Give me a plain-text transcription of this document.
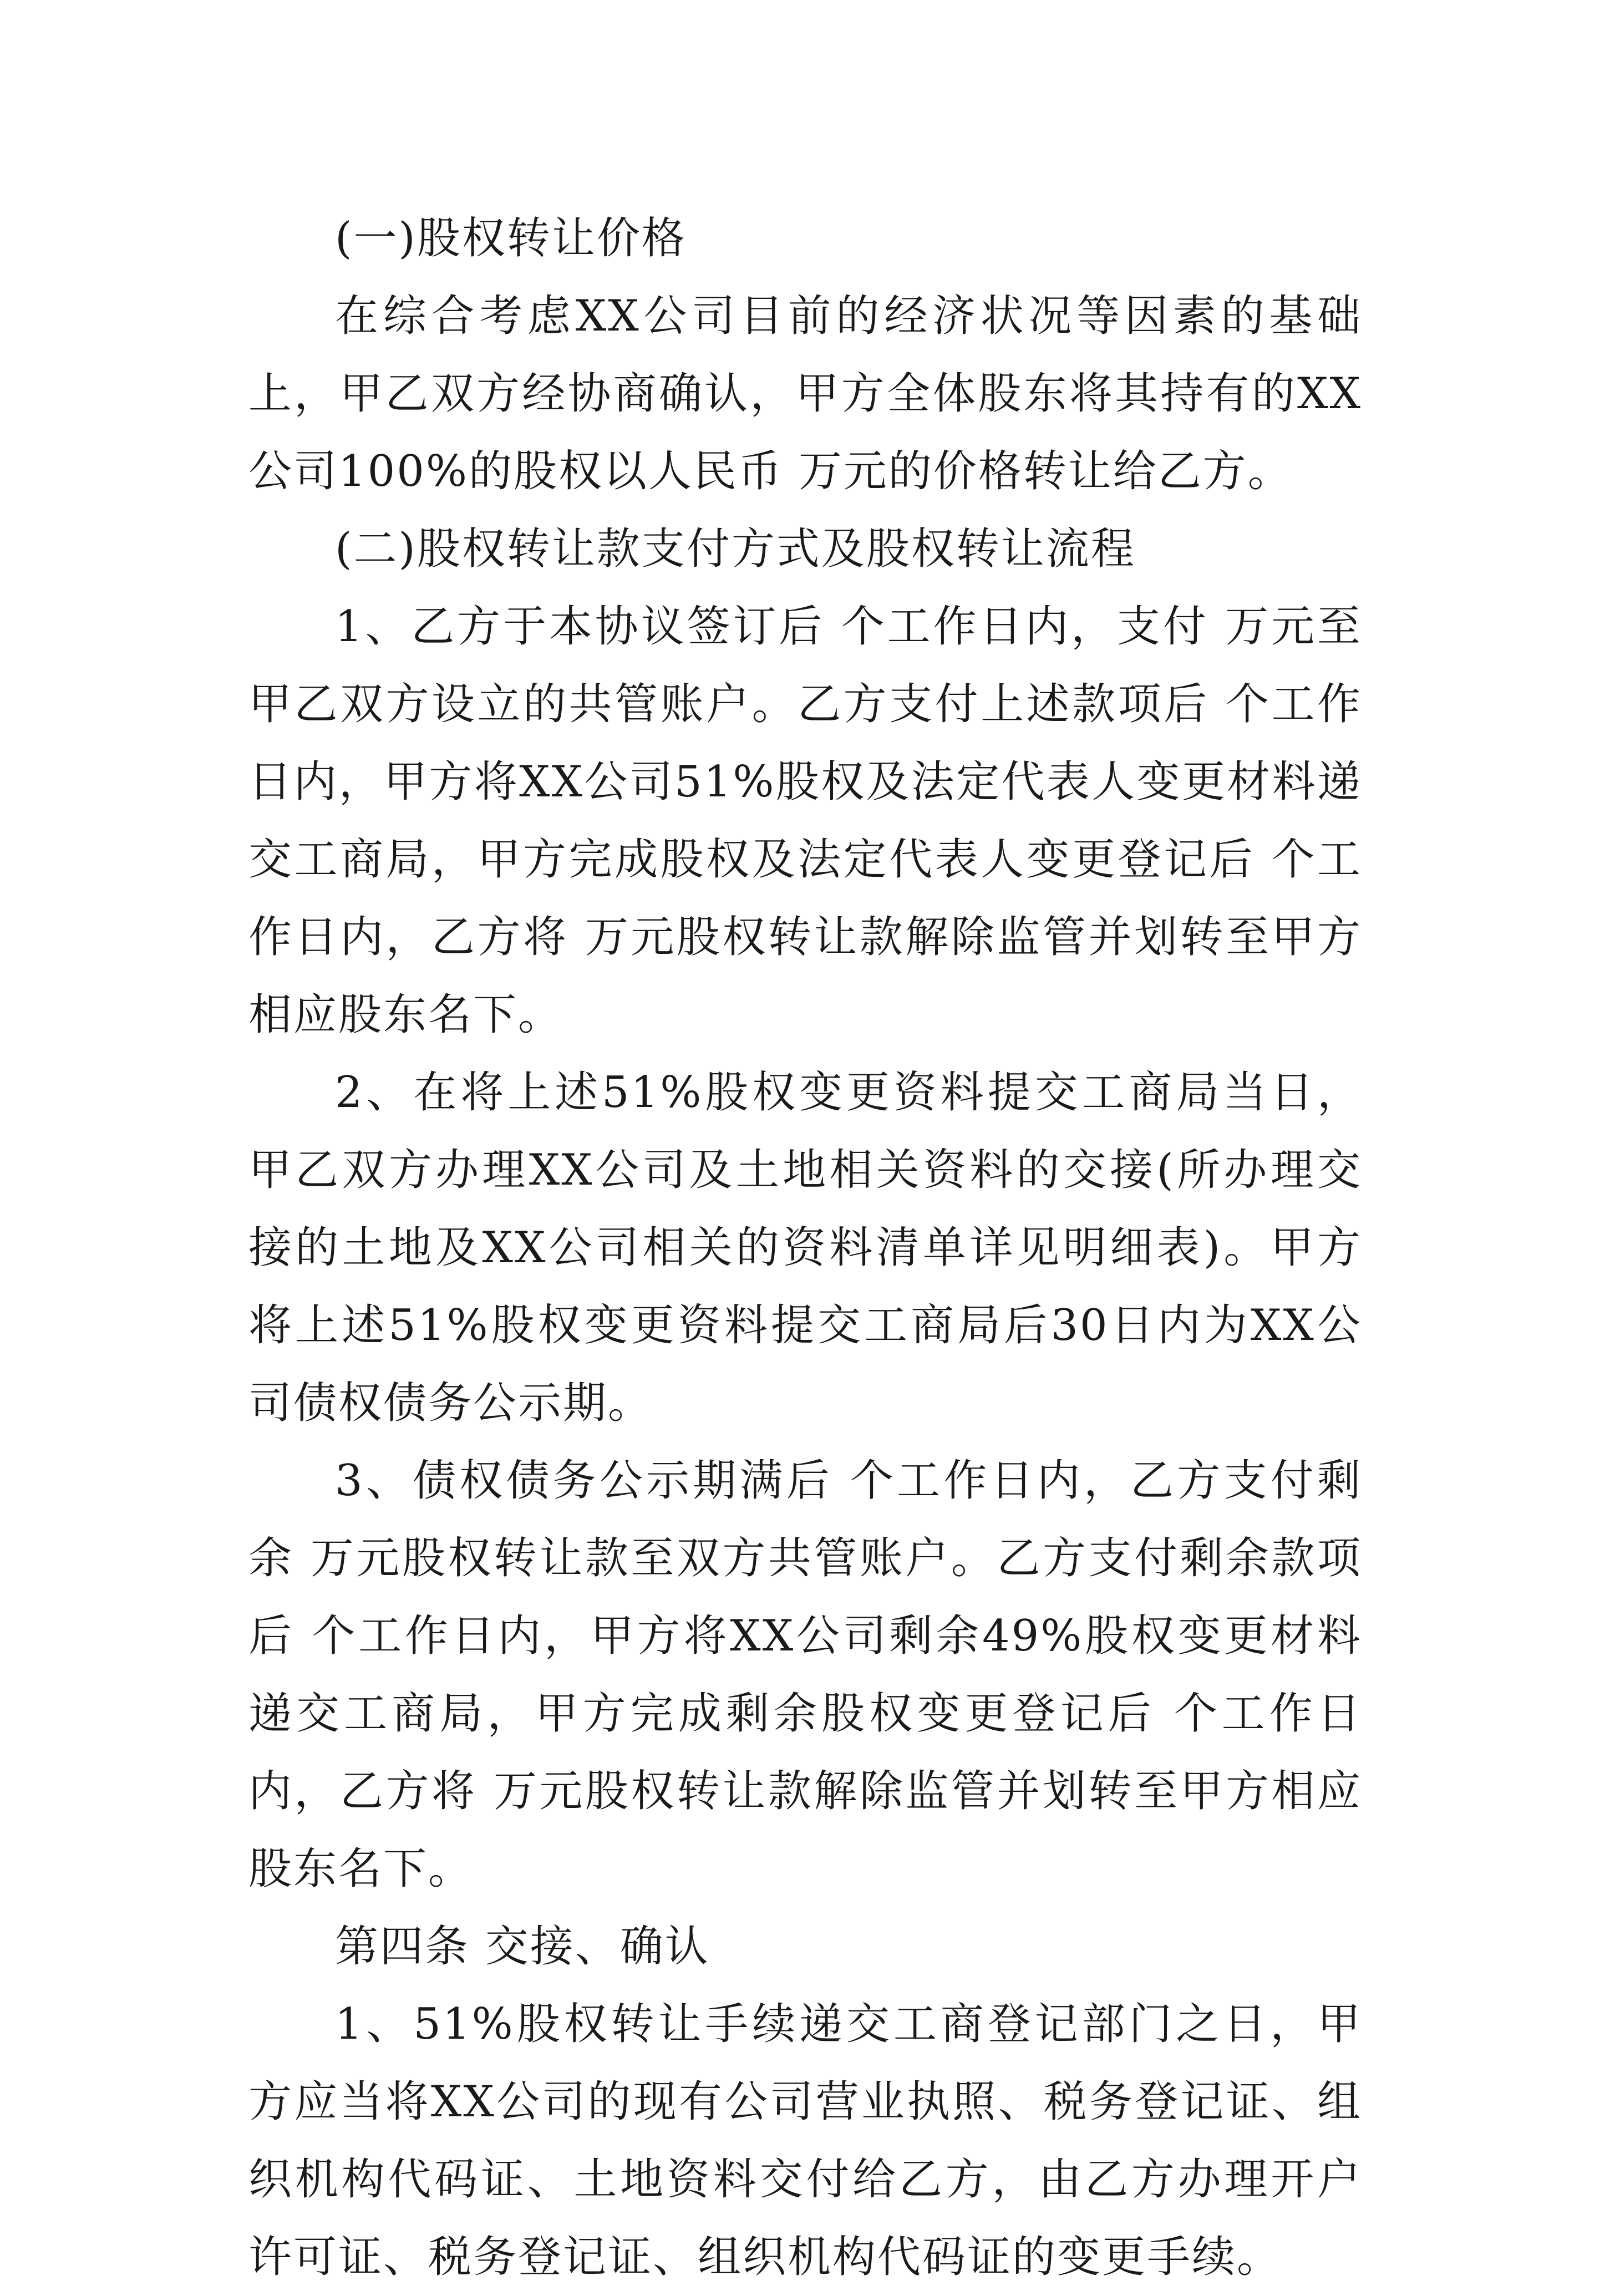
(一)股权转让价格

在综合考虑XX公司目前的经济状况等因素的基础上，甲乙双方经协商确认，甲方全体股东将其持有的XX公司100%的股权以人民币 万元的价格转让给乙方。

(二)股权转让款支付方式及股权转让流程

1、乙方于本协议签订后 个工作日内，支付 万元至甲乙双方设立的共管账户。乙方支付上述款项后 个工作日内，甲方将XX公司51%股权及法定代表人变更材料递交工商局，甲方完成股权及法定代表人变更登记后 个工作日内，乙方将 万元股权转让款解除监管并划转至甲方相应股东名下。

2、在将上述51%股权变更资料提交工商局当日，甲乙双方办理XX公司及土地相关资料的交接(所办理交接的土地及XX公司相关的资料清单详见明细表)。甲方将上述51%股权变更资料提交工商局后30日内为XX公司债权债务公示期。

3、债权债务公示期满后 个工作日内，乙方支付剩余 万元股权转让款至双方共管账户。乙方支付剩余款项后 个工作日内，甲方将XX公司剩余49%股权变更材料递交工商局，甲方完成剩余股权变更登记后 个工作日内，乙方将 万元股权转让款解除监管并划转至甲方相应股东名下。

第四条 交接、确认

1、51%股权转让手续递交工商登记部门之日，甲方应当将XX公司的现有公司营业执照、税务登记证、组织机构代码证、土地资料交付给乙方，由乙方办理开户许可证、税务登记证、组织机构代码证的变更手续。
